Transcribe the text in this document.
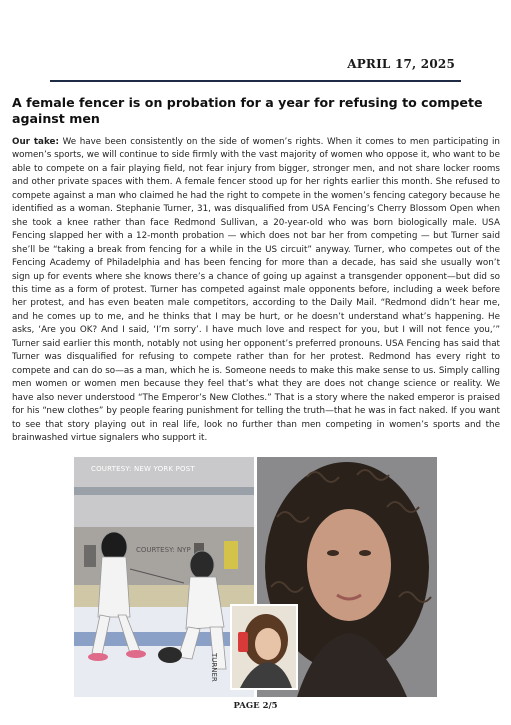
APRIL 17, 2025
A female fencer is on probation for a year for refusing to compete against men

Our take: We have been consistently on the side of women’s rights. When it comes to men participating in women’s sports, we will continue to side firmly with the vast majority of women who oppose it, who want to be able to compete on a fair playing field, not fear injury from bigger, stronger men, and not share locker rooms and other private spaces with them. A female fencer stood up for her rights earlier this month. She refused to compete against a man who claimed he had the right to compete in the women’s fencing category because he identified as a woman. Stephanie Turner, 31, was disqualified from USA Fencing’s Cherry Blossom Open when she took a knee rather than face Redmond Sullivan, a 20-year-old who was born biologically male. USA Fencing slapped her with a 12-month probation — which does not bar her from competing — but Turner said she’ll be “taking a break from fencing for a while in the US circuit” anyway. Turner, who competes out of the Fencing Academy of Philadelphia and has been fencing for more than a decade, has said she usually won’t sign up for events where she knows there’s a chance of going up against a transgender opponent—but did so this time as a form of protest. Turner has competed against male opponents before, including a week before her protest, and has even beaten male competitors, according to the Daily Mail. “Redmond didn’t hear me, and he comes up to me, and he thinks that I may be hurt, or he doesn’t understand what’s happening. He asks, ‘Are you OK? And I said, ‘I’m sorry’. I have much love and respect for you, but I will not fence you,’” Turner said earlier this month, notably not using her opponent’s preferred pronouns. USA Fencing has said that Turner was disqualified for refusing to compete rather than for her protest. Redmond has every right to compete and can do so—as a man, which he is. Someone needs to make this make sense to us. Simply calling men women or women men because they feel that’s what they are does not change science or reality. We have also never understood “The Emperor’s New Clothes.” That is a story where the naked emperor is praised for his “new clothes” by people fearing punishment for telling the truth—that he was in fact naked. If you want to see that story playing out in real life, look no further than men competing in women’s sports and the brainwashed virtue signalers who support it.

COURTESY: NYP
TURNER
COURTESY: NEW YORK POST
PAGE 2/5
